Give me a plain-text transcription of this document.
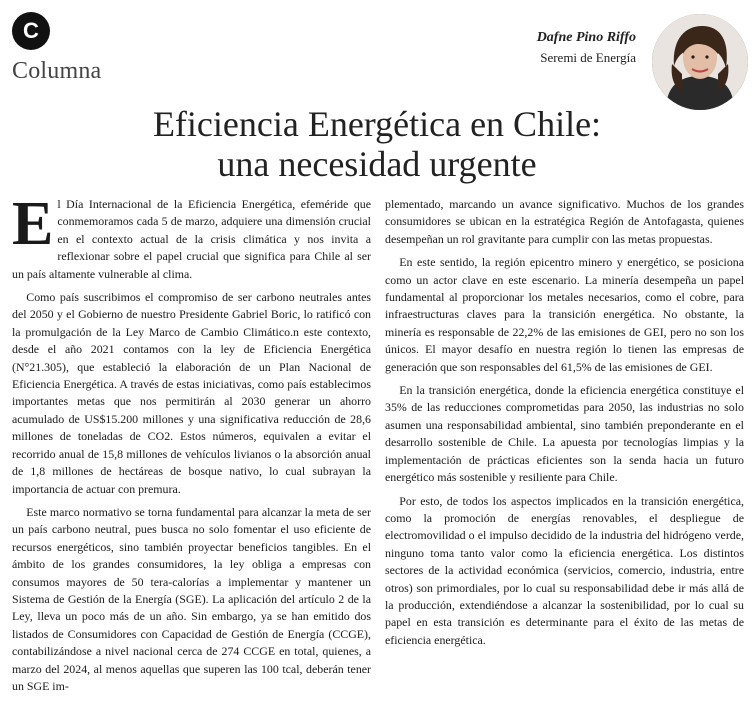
C
Columna
Dafne Pino Riffo
Seremi de Energía
Eficiencia Energética en Chile:
una necesidad urgente

El Día Internacional de la Eficiencia Energética, efeméride que conmemoramos cada 5 de marzo, adquiere una dimensión crucial en el contexto actual de la crisis climática y nos invita a reflexionar sobre el papel crucial que significa para Chile al ser un país altamente vulnerable al clima.

Como país suscribimos el compromiso de ser carbono neutrales antes del 2050 y el Gobierno de nuestro Presidente Gabriel Boric, lo ratificó con la promulgación de la Ley Marco de Cambio Climático.n este contexto, desde el año 2021 contamos con la ley de Eficiencia Energética (N°21.305), que estableció la elaboración de un Plan Nacional de Eficiencia Energética. A través de estas iniciativas, como país establecimos importantes metas que nos permitirán al 2030 generar un ahorro acumulado de US$15.200 millones y una significativa reducción de 28,6 millones de toneladas de CO2. Estos números, equivalen a evitar el recorrido anual de 15,8 millones de vehículos livianos o la absorción anual de 1,8 millones de hectáreas de bosque nativo, lo cual subrayan la importancia de actuar con premura.

Este marco normativo se torna fundamental para alcanzar la meta de ser un país carbono neutral, pues busca no solo fomentar el uso eficiente de recursos energéticos, sino también proyectar beneficios tangibles. En el ámbito de los grandes consumidores, la ley obliga a empresas con consumos mayores de 50 tera-calorías a implementar y mantener un Sistema de Gestión de la Energía (SGE). La aplicación del artículo 2 de la Ley, lleva un poco más de un año. Sin embargo, ya se han emitido dos listados de Consumidores con Capacidad de Gestión de Energía (CCGE), contabilizándose a nivel nacional cerca de 274 CCGE en total, quienes, a marzo del 2024, al menos aquellas que superen las 100 tcal, deberán tener un SGE im-

plementado, marcando un avance significativo. Muchos de los grandes consumidores se ubican en la estratégica Región de Antofagasta, quienes desempeñan un rol gravitante para cumplir con las metas propuestas.

En este sentido, la región epicentro minero y energético, se posiciona como un actor clave en este escenario. La minería desempeña un papel fundamental al proporcionar los metales necesarios, como el cobre, para infraestructuras claves para la transición energética. No obstante, la minería es responsable de 22,2% de las emisiones de GEI, pero no son los únicos. El mayor desafío en nuestra región lo tienen las empresas de generación que son responsables del 61,5% de las emisiones de GEI.

En la transición energética, donde la eficiencia energética constituye el 35% de las reducciones comprometidas para 2050, las industrias no solo asumen una responsabilidad ambiental, sino también preponderante en el desarrollo sostenible de Chile. La apuesta por tecnologías limpias y la implementación de prácticas eficientes son la senda hacia un futuro energético más sostenible y resiliente para Chile.

Por esto, de todos los aspectos implicados en la transición energética, como la promoción de energías renovables, el despliegue de electromovilidad o el impulso decidido de la industria del hidrógeno verde, ninguno toma tanto valor como la eficiencia energética. Los distintos sectores de la actividad económica (servicios, comercio, industria, entre otros) son primordiales, por lo cual su responsabilidad debe ir más allá de la producción, extendiéndose a alcanzar la sostenibilidad, por lo cual su papel en esta transición es determinante para el éxito de las metas de eficiencia energética.
